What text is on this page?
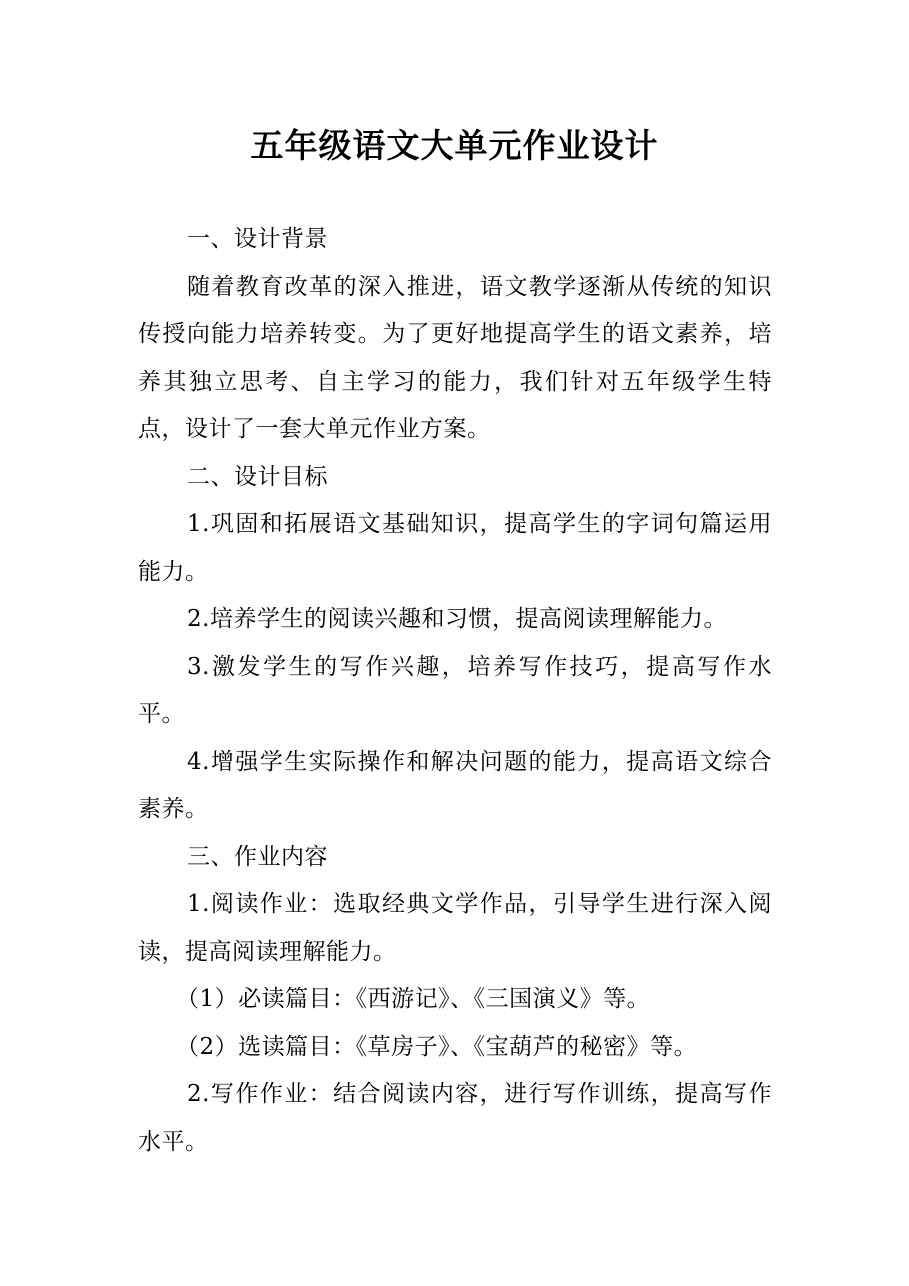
五年级语文大单元作业设计

一、设计背景

随着教育改革的深入推进，语文教学逐渐从传统的知识传授向能力培养转变。为了更好地提高学生的语文素养，培养其独立思考、自主学习的能力，我们针对五年级学生特点，设计了一套大单元作业方案。

二、设计目标

1.巩固和拓展语文基础知识，提高学生的字词句篇运用能力。

2.培养学生的阅读兴趣和习惯，提高阅读理解能力。

3.激发学生的写作兴趣，培养写作技巧，提高写作水平。

4.增强学生实际操作和解决问题的能力，提高语文综合素养。

三、作业内容

1.阅读作业：选取经典文学作品，引导学生进行深入阅读，提高阅读理解能力。

（1）必读篇目：《西游记》、《三国演义》等。

（2）选读篇目：《草房子》、《宝葫芦的秘密》等。

2.写作作业：结合阅读内容，进行写作训练，提高写作水平。
